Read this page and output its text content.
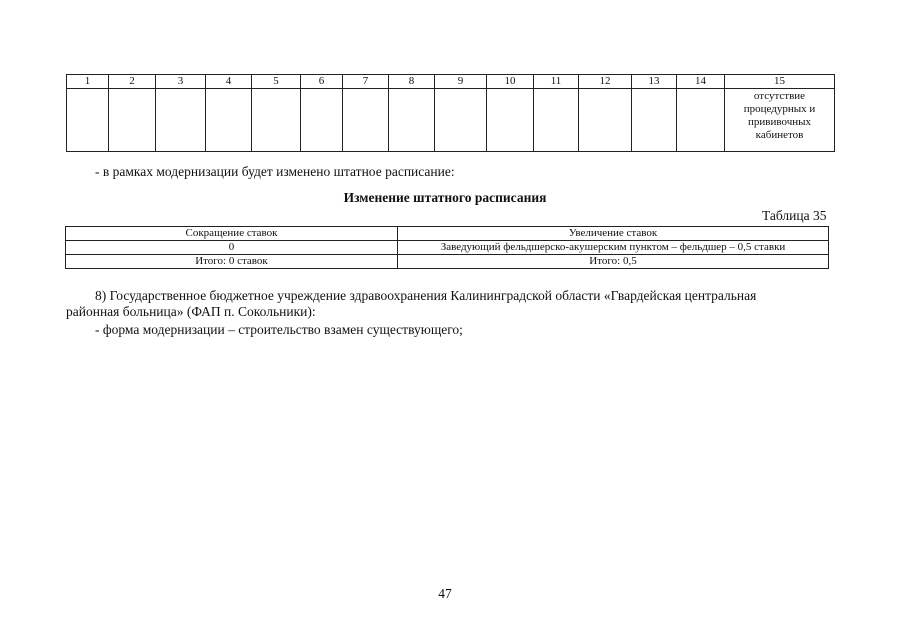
1	2	3	4	5	6	7	8	9	10	11	12	13	14	15

														отсутствие
процедурных и
прививочных
кабинетов
- в рамках модернизации будет изменено штатное расписание:
Изменение штатного расписания
Таблица 35
Сокращение ставок	Увеличение ставок
0	Заведующий фельдшерско-акушерским пунктом – фельдшер – 0,5 ставки
Итого: 0 ставок	Итого: 0,5
8) Государственное бюджетное учреждение здравоохранения Калининградской области «Гвардейская центральная
районная больница» (ФАП п. Сокольники):
- форма модернизации – строительство взамен существующего;
47
